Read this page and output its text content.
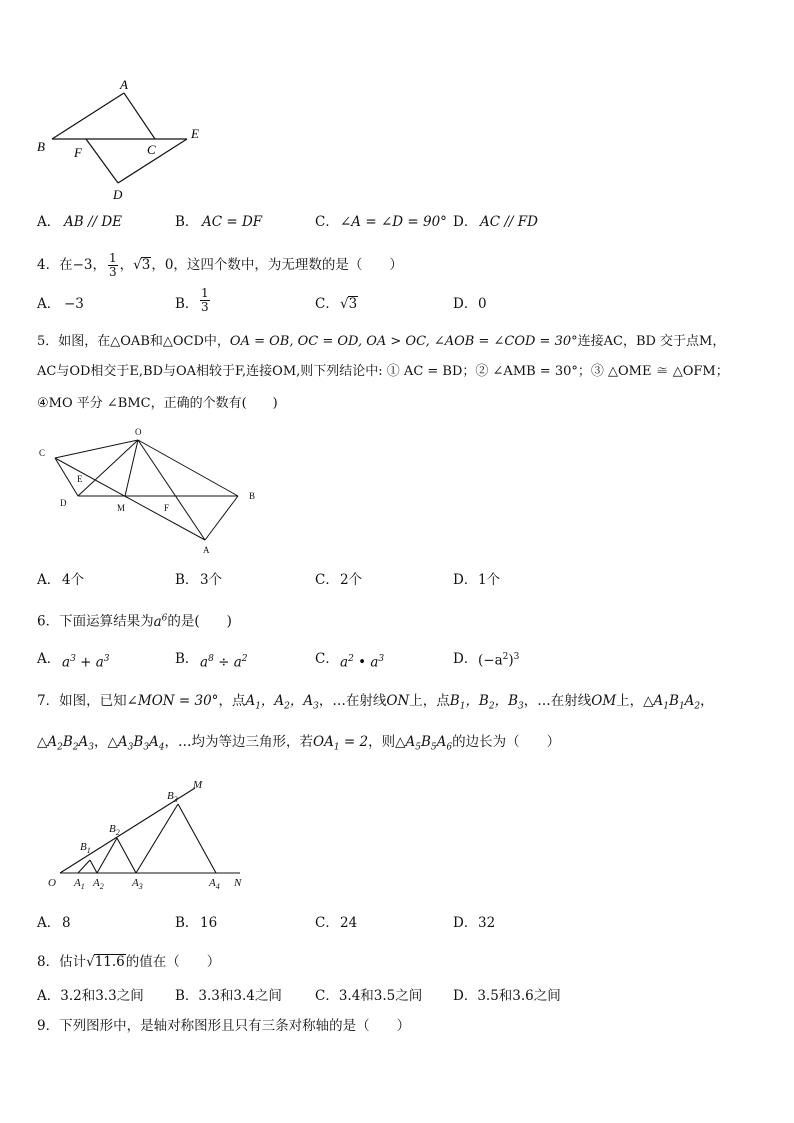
A
B F	C
E
D
A． AB // DE	B． AC = DF	C． ∠A = ∠D = 90° D． AC // FD
4．在−3， $\frac{1}{3}$ ，√3，0，这四个数中，为无理数的是（　　）
A． −3	B． $\frac{1}{3}$	C． √3	D． 0
5．如图，在△OAB和△OCD中，OA = OB, OC = OD, OA > OC, ∠AOB = ∠COD = 30°连接AC，BD 交于点M，
AC与OD相交于E,BD与OA相较于F,连接OM,则下列结论中: ① AC = BD；② ∠AMB = 30°；③ △OME ≅ △OFM；
④MO 平分 ∠BMC，正确的个数有(　　)
O
C
E
D	M	F
B
A
A． 4个	B． 3个	C． 2个	D． 1个
6．下面运算结果为$a^6$的是(　　)
A． $a^3 + a^3$	B． $a^8 \div a^2$	C． $a^2$ • $a^3$	D． $(-a^2)^3$
7．如图，已知∠MON = 30°，点$A_1$，$A_2$，$A_3$，…在射线ON上，点$B_1$，$B_2$，$B_3$，…在射线OM上，$\triangle A_1B_1A_2$，
$\triangle A_2B_2A_3$，$\triangle A_3B_3A_4$，…均为等边三角形，若$OA_1 = 2$，则$\triangle A_5B_5A_6$的边长为（　　）
M
$B_3$
$B_2$
$B_1$
O $A_1$ $A_2$	$A_3$	$A_4$ N
A． 8	B． 16	C． 24	D． 32
8．估计√11.6的值在（　　）
A．3.2和3.3之间 B．3.3和3.4之间 C．3.4和3.5之间 D．3.5和3.6之间
9．下列图形中，是轴对称图形且只有三条对称轴的是（　　）
